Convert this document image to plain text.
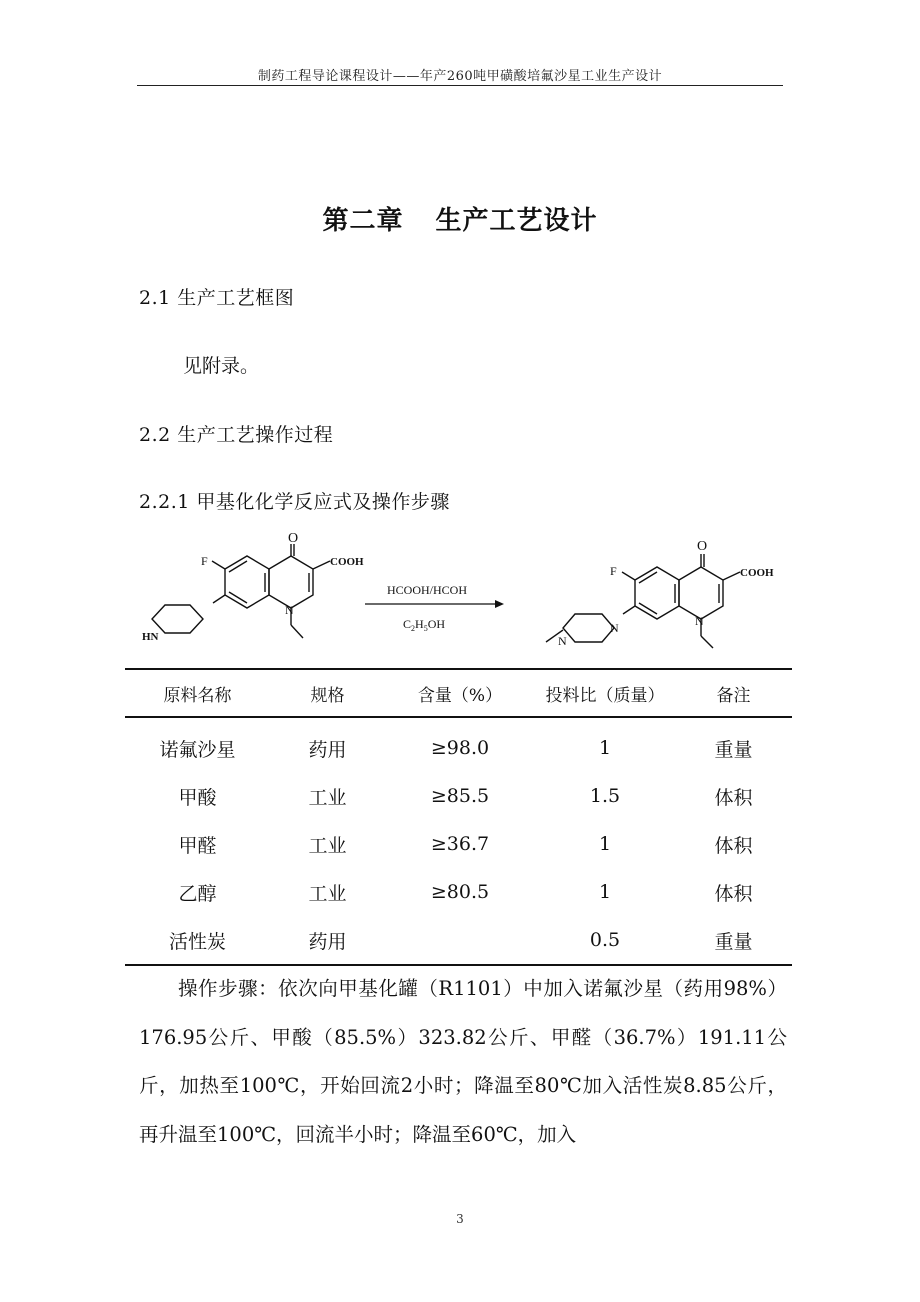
制药工程导论课程设计——年产260吨甲磺酸培氟沙星工业生产设计
第二章 生产工艺设计
2.1 生产工艺框图
见附录。
2.2 生产工艺操作过程
2.2.1 甲基化化学反应式及操作步骤
O
COOH
F
HN
N
HCOOH/HCOH
$C_2H_5OH$
O
COOH
F
N
N
N
原料名称	规格	含量（%）	投料比（质量）	备注
诺氟沙星	药用	≥98.0	1	重量
甲酸	工业	≥85.5	1.5	体积
甲醛	工业	≥36.7	1	体积
乙醇	工业	≥80.5	1	体积
活性炭	药用		0.5	重量

操作步骤：依次向甲基化罐（R1101）中加入诺氟沙星（药用98%）176.95公斤、甲酸（85.5%）323.82公斤、甲醛（36.7%）191.11公斤，加热至100℃，开始回流2小时；降温至80℃加入活性炭8.85公斤，再升温至100℃，回流半小时；降温至60℃，加入

3
